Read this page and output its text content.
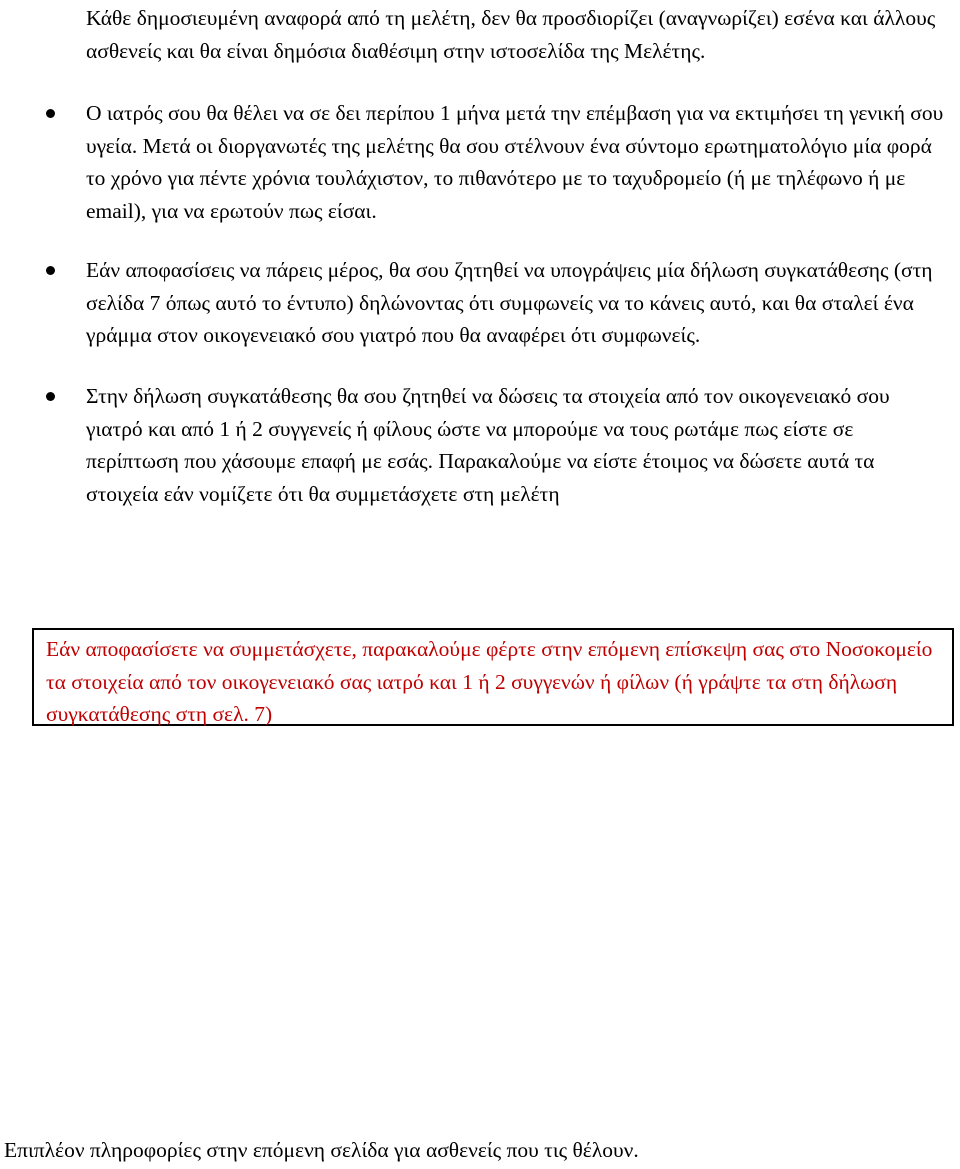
Κάθε δημοσιευμένη αναφορά από τη μελέτη, δεν θα προσδιορίζει (αναγνωρίζει) εσένα και άλλους ασθενείς και θα είναι δημόσια διαθέσιμη στην ιστοσελίδα της Μελέτης.

Ο ιατρός σου θα θέλει να σε δει περίπου 1 μήνα μετά την επέμβαση για να εκτιμήσει τη γενική σου υγεία. Μετά οι διοργανωτές της μελέτης θα σου στέλνουν ένα σύντομο ερωτηματολόγιο μία φορά το χρόνο για πέντε χρόνια τουλάχιστον, το πιθανότερο με το ταχυδρομείο (ή με τηλέφωνο ή με email), για να ερωτούν πως είσαι.
Εάν αποφασίσεις να πάρεις μέρος, θα σου ζητηθεί να υπογράψεις μία δήλωση συγκατάθεσης (στη σελίδα 7 όπως αυτό το έντυπο) δηλώνοντας ότι συμφωνείς να το κάνεις αυτό, και θα σταλεί ένα γράμμα στον οικογενειακό σου γιατρό που θα αναφέρει ότι συμφωνείς.
Στην δήλωση συγκατάθεσης θα σου ζητηθεί να δώσεις τα στοιχεία από τον οικογενειακό σου γιατρό και από 1 ή 2 συγγενείς ή φίλους ώστε να μπορούμε να τους ρωτάμε πως είστε σε περίπτωση που χάσουμε επαφή με εσάς. Παρακαλούμε να είστε έτοιμος να δώσετε αυτά τα στοιχεία εάν νομίζετε ότι θα συμμετάσχετε στη μελέτη

Εάν αποφασίσετε να συμμετάσχετε, παρακαλούμε φέρτε στην επόμενη επίσκεψη σας στο Νοσοκομείο τα στοιχεία από τον οικογενειακό σας ιατρό και 1 ή 2 συγγενών ή φίλων (ή γράψτε τα στη δήλωση συγκατάθεσης στη σελ. 7)

Επιπλέον πληροφορίες στην επόμενη σελίδα για ασθενείς που τις θέλουν.
